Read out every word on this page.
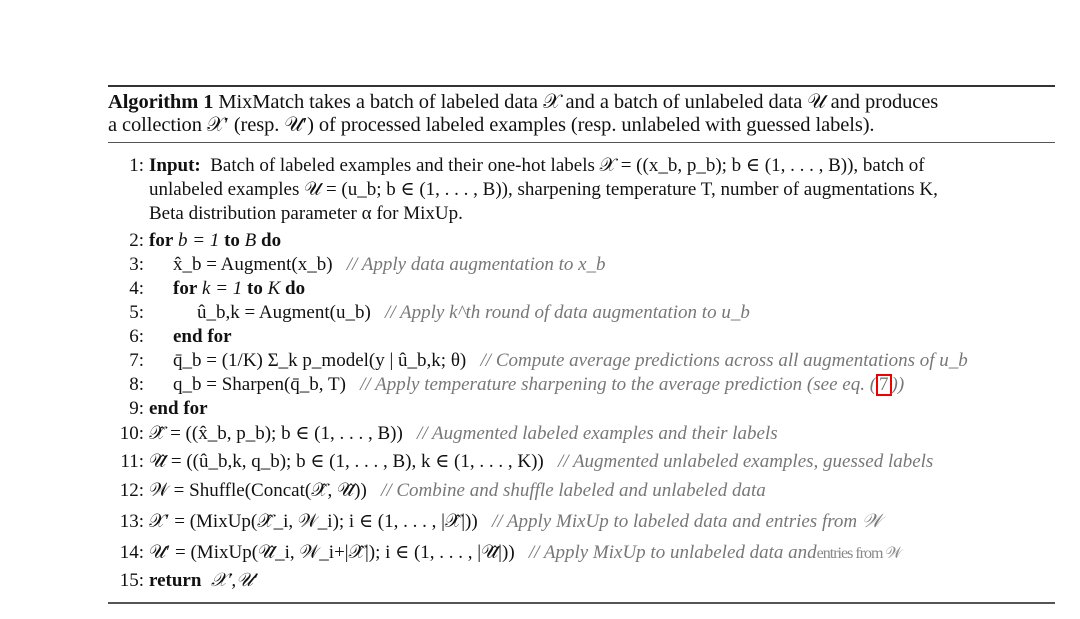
Algorithm 1 MixMatch takes a batch of labeled data 𝒳 and a batch of unlabeled data 𝒰 and produces
a collection 𝒳′ (resp. 𝒰′) of processed labeled examples (resp. unlabeled with guessed labels).
1: Input: Batch of labeled examples and their one-hot labels 𝒳 = ((x_b, p_b); b ∈ (1, . . . , B)), batch of
unlabeled examples 𝒰 = (u_b; b ∈ (1, . . . , B)), sharpening temperature T, number of augmentations K,
Beta distribution parameter α for MixUp.
2: for b = 1 to B do
3: x̂_b = Augment(x_b) // Apply data augmentation to x_b
4: for k = 1 to K do
5:	û_b,k = Augment(u_b) // Apply k^th round of data augmentation to u_b
6: end for
7: q̄_b = (1/K) Σ_k p_model(y | û_b,k; θ) // Compute average predictions across all augmentations of u_b
8: q_b = Sharpen(q̄_b, T) // Apply temperature sharpening to the average prediction (see eq. ( 7 ))
9: end for
10: 𝒳̂ = ((x̂_b, p_b); b ∈ (1, . . . , B)) // Augmented labeled examples and their labels
11: 𝒰̂ = ((û_b,k, q_b); b ∈ (1, . . . , B), k ∈ (1, . . . , K)) // Augmented unlabeled examples, guessed labels
12: 𝒲 = Shuffle(Concat(𝒳̂, 𝒰̂)) // Combine and shuffle labeled and unlabeled data
13: 𝒳′ = (MixUp(𝒳̂_i, 𝒲_i); i ∈ (1, . . . , |𝒳̂|)) // Apply MixUp to labeled data and entries from 𝒲
14: 𝒰′ = (MixUp(𝒰̂_i, 𝒲_i+|𝒳̂|); i ∈ (1, . . . , |𝒰̂|)) // Apply MixUp to unlabeled data andentries from 𝒲
15: return 𝒳′,𝒰′
